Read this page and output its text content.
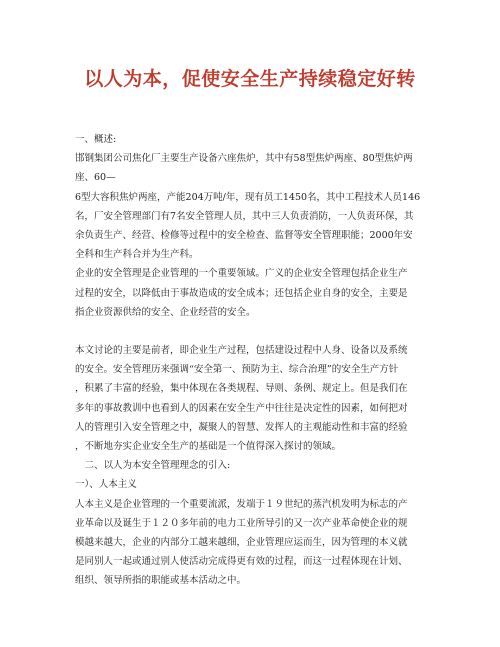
以人为本，促使安全生产持续稳定好转
一、概述:
邯钢集团公司焦化厂主要生产设备六座焦炉，其中有58型焦炉两座、80型焦炉两
座、60—
6型大容积焦炉两座，产能204万吨/年，现有员工1450名，其中工程技术人员146
名，厂安全管理部门有7名安全管理人员，其中三人负责消防，一人负责环保，其
余负责生产、经营、检修等过程中的安全检查、监督等安全管理职能；2000年安
全科和生产科合并为生产科。
企业的安全管理是企业管理的一个重要领域。广义的企业安全管理包括企业生产
过程的安全，以降低由于事故造成的安全成本；还包括企业自身的安全，主要是
指企业资源供给的安全、企业经营的安全。
本文讨论的主要是前者，即企业生产过程，包括建设过程中人身、设备以及系统
的安全。安全管理历来强调“安全第一、预防为主、综合治理”的安全生产方针
，积累了丰富的经验，集中体现在各类规程、导则、条例、规定上。但是我们在
多年的事故教训中也看到人的因素在安全生产中往往是决定性的因素，如何把对
人的管理引入安全管理之中，凝聚人的智慧、发挥人的主观能动性和丰富的经验
，不断地夯实企业安全生产的基础是一个值得深入探讨的领域。
　二、以人为本安全管理理念的引入:
一）、人本主义
人本主义是企业管理的一个重要流派，发端于１９世纪的蒸汽机发明为标志的产
业革命以及诞生于１２０多年前的电力工业所导引的又一次产业革命使企业的规
模越来越大，企业的内部分工越来越细，企业管理应运而生，因为管理的本义就
是同别人一起或通过别人使活动完成得更有效的过程，而这一过程体现在计划、
组织、领导所指的职能或基本活动之中。
